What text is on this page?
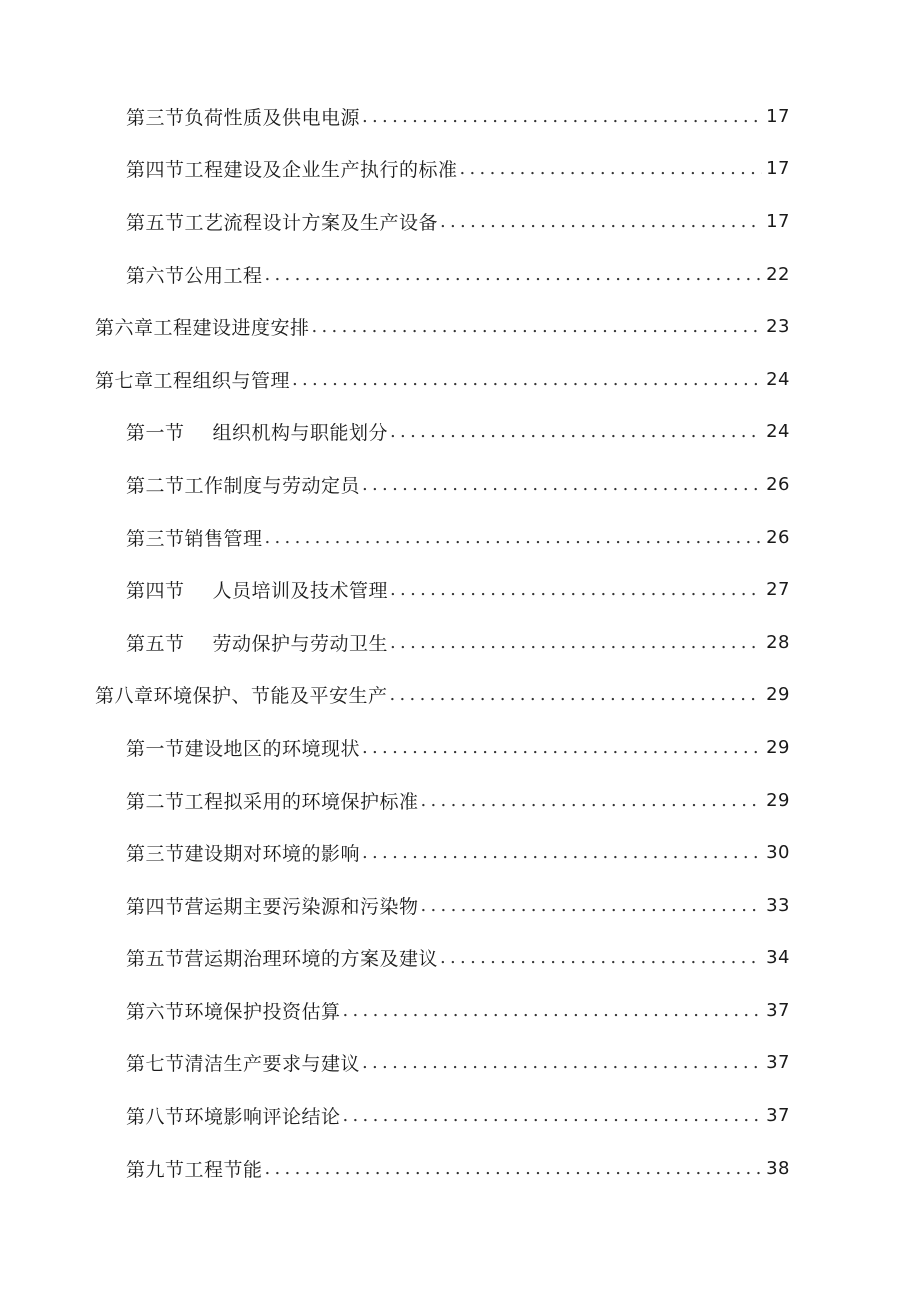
第三节负荷性质及供电电源 .....	17
第四节工程建设及企业生产执行的标准 .....	17
第五节工艺流程设计方案及生产设备 .....	17
第六节公用工程 .....	22
第六章工程建设进度安排 .....	23
第七章工程组织与管理 .....	24
第一节 组织机构与职能划分 .....	24
第二节工作制度与劳动定员 .....	26
第三节销售管理 .....	26
第四节 人员培训及技术管理 .....	27
第五节 劳动保护与劳动卫生 .....	28
第八章环境保护、节能及平安生产 .....	29
第一节建设地区的环境现状 .....	29
第二节工程拟采用的环境保护标准 .....	29
第三节建设期对环境的影响 .....	30
第四节营运期主要污染源和污染物 .....	33
第五节营运期治理环境的方案及建议 .....	34
第六节环境保护投资估算 .....	37
第七节清洁生产要求与建议 .....	37
第八节环境影响评论结论 .....	37
第九节工程节能 .....	38
